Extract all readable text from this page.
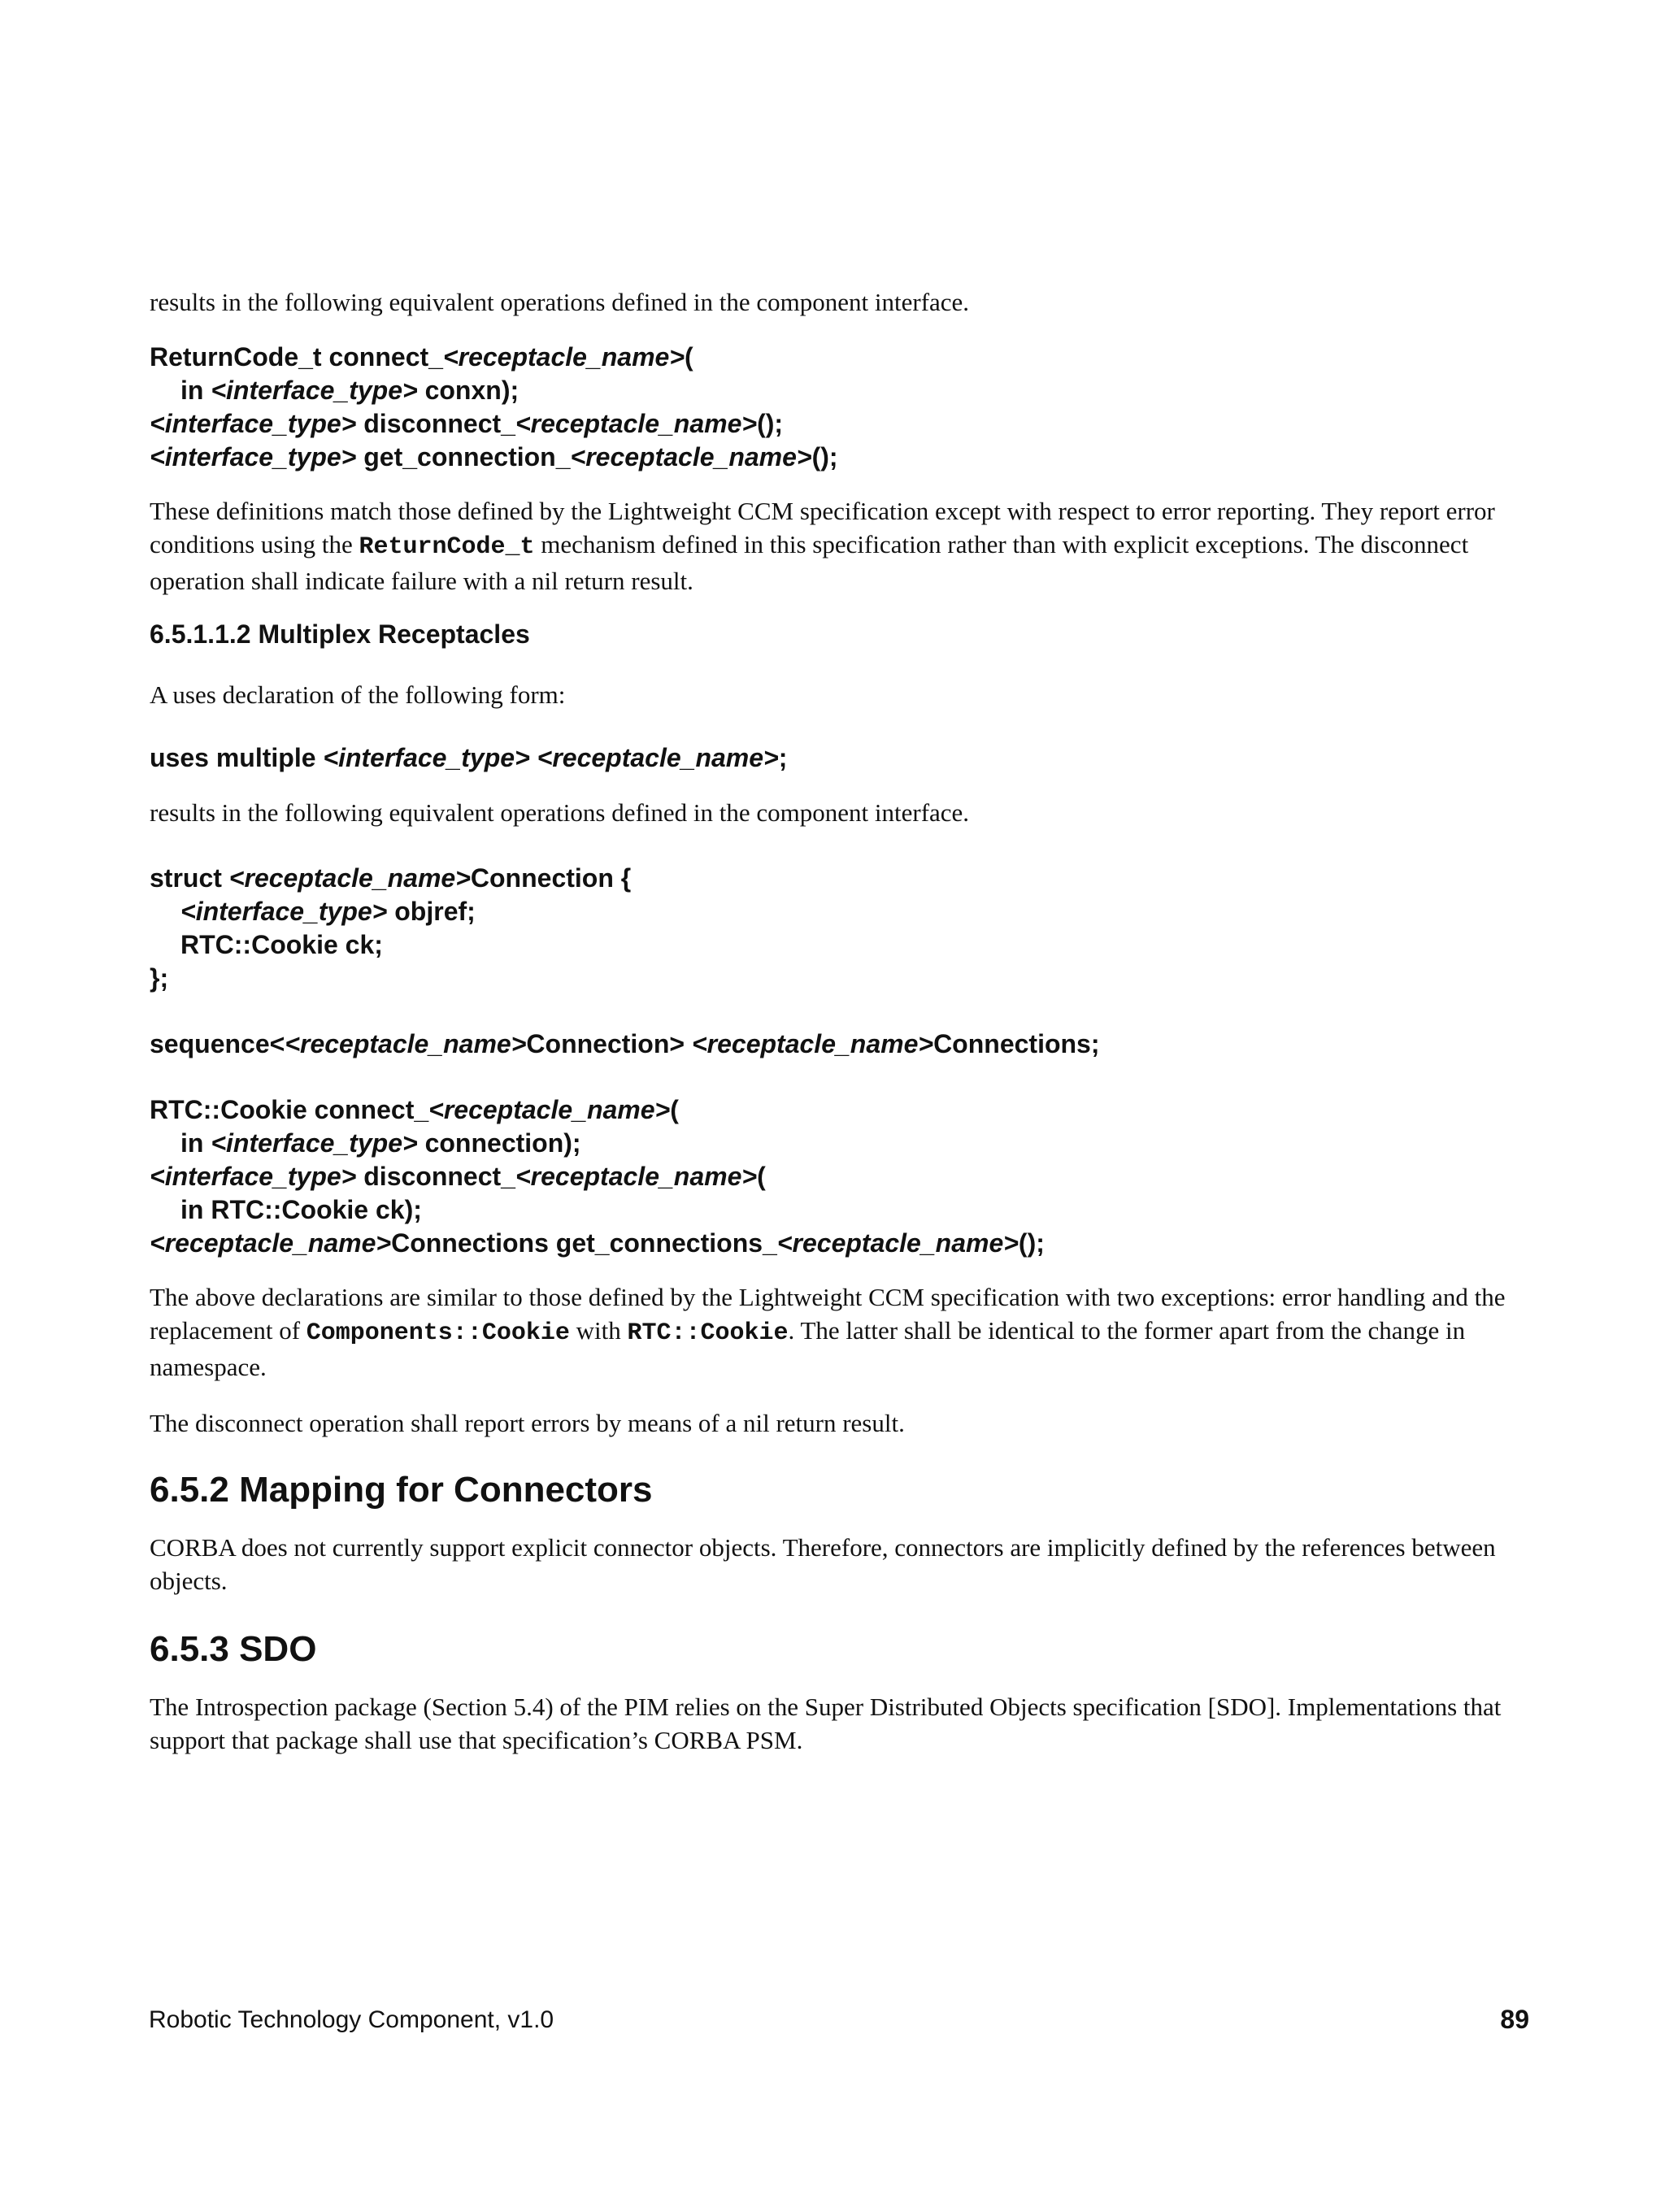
results in the following equivalent operations defined in the component interface.

ReturnCode_t connect_<receptacle_name>(

in <interface_type> conxn);

<interface_type> disconnect_<receptacle_name>();

<interface_type> get_connection_<receptacle_name>();

These definitions match those defined by the Lightweight CCM specification except with respect to error reporting. They report error conditions using the ReturnCode_t mechanism defined in this specification rather than with explicit exceptions. The disconnect operation shall indicate failure with a nil return result.

6.5.1.1.2 Multiplex Receptacles

A uses declaration of the following form:

uses multiple <interface_type> <receptacle_name>;

results in the following equivalent operations defined in the component interface.

struct <receptacle_name>Connection {

<interface_type> objref;

RTC::Cookie ck;

};

sequence<<receptacle_name>Connection> <receptacle_name>Connections;

RTC::Cookie connect_<receptacle_name>(

in <interface_type> connection);

<interface_type> disconnect_<receptacle_name>(

in RTC::Cookie ck);

<receptacle_name>Connections get_connections_<receptacle_name>();

The above declarations are similar to those defined by the Lightweight CCM specification with two exceptions: error handling and the replacement of Components::Cookie with RTC::Cookie. The latter shall be identical to the former apart from the change in namespace.

The disconnect operation shall report errors by means of a nil return result.

6.5.2 Mapping for Connectors

CORBA does not currently support explicit connector objects. Therefore, connectors are implicitly defined by the references between objects.

6.5.3 SDO

The Introspection package (Section 5.4) of the PIM relies on the Super Distributed Objects specification [SDO]. Implementations that support that package shall use that specification’s CORBA PSM.

Robotic Technology Component, v1.0	89
